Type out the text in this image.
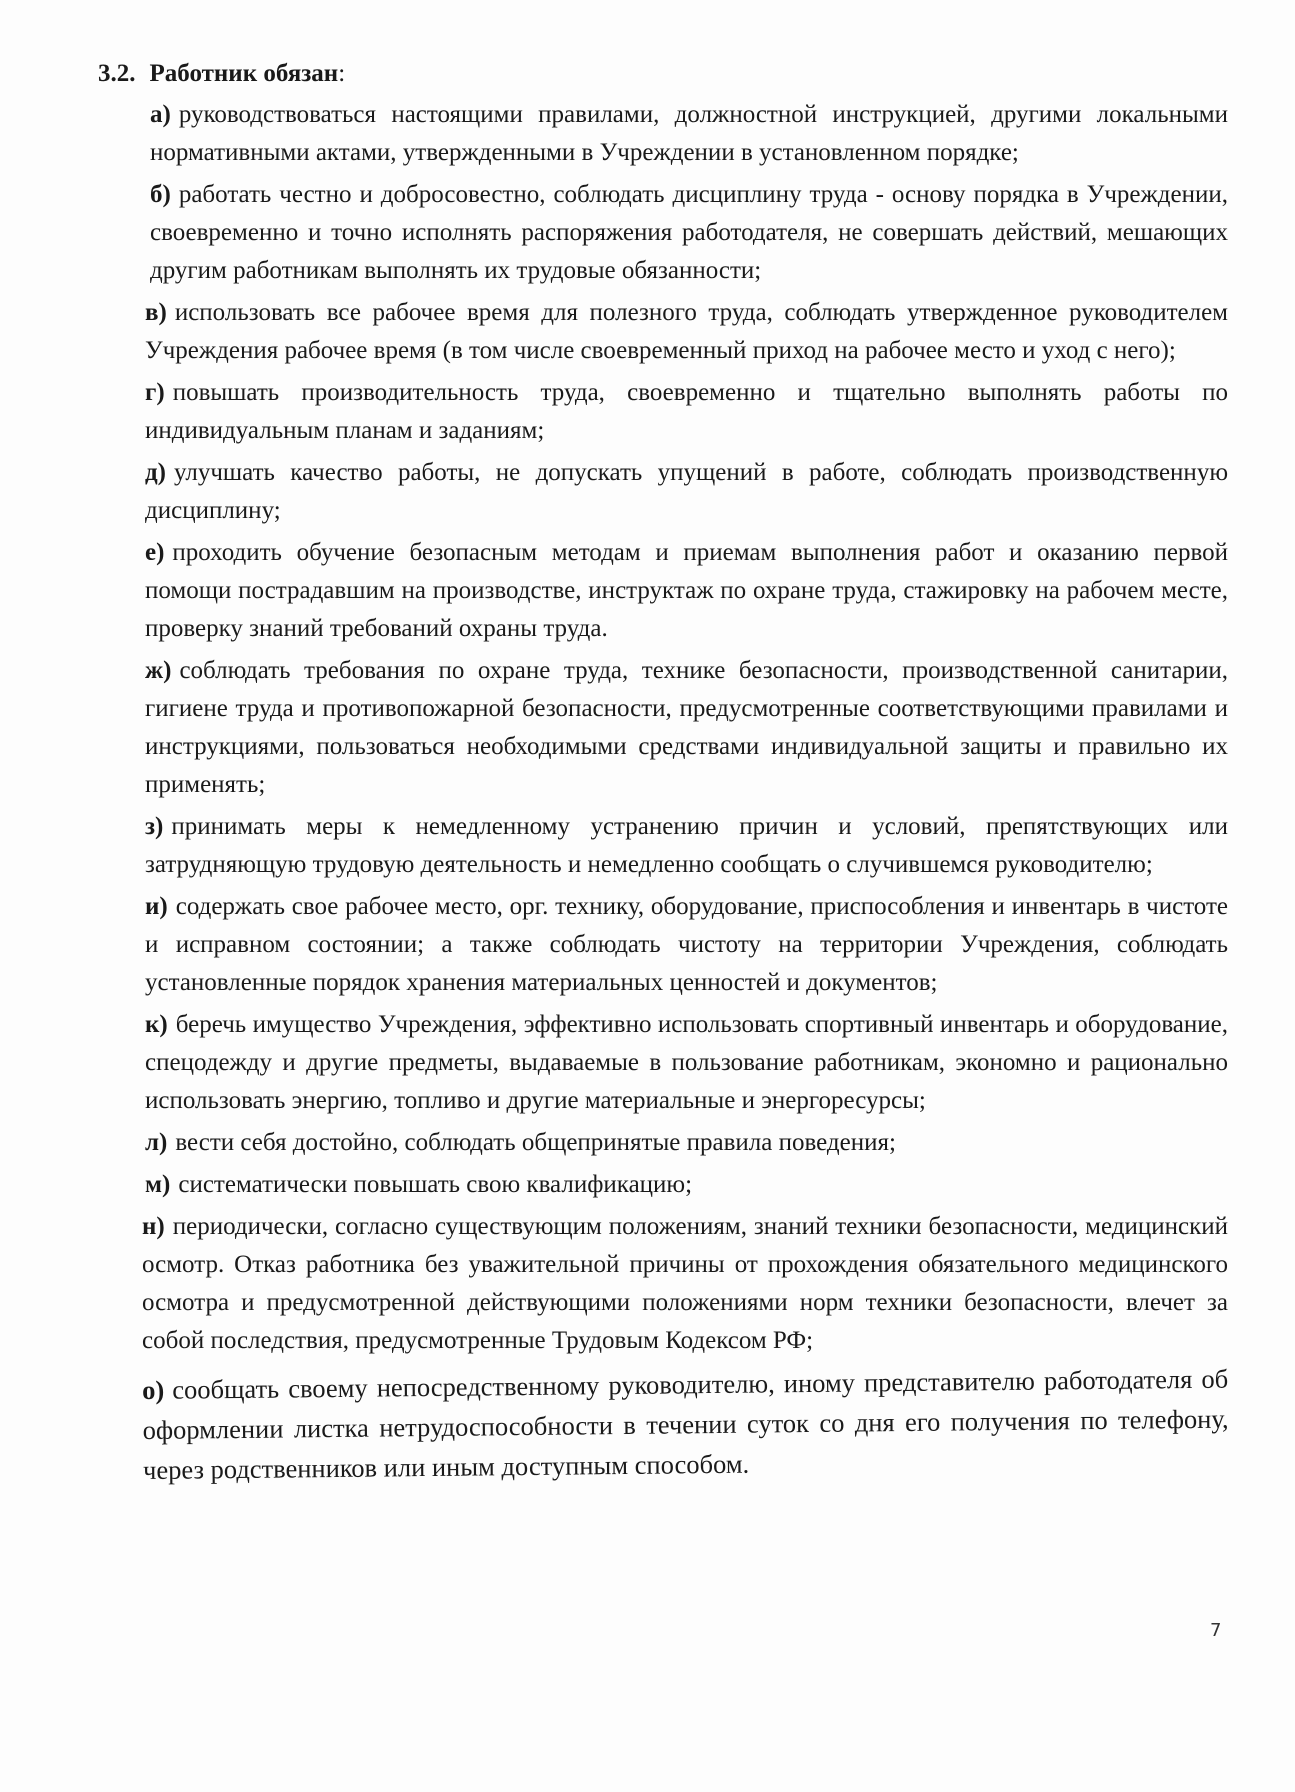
3.2. Работник обязан:

а) руководствоваться настоящими правилами, должностной инструкцией, другими локальными нормативными актами, утвержденными в Учреждении в установленном порядке;

б) работать честно и добросовестно, соблюдать дисциплину труда - основу порядка в Учреждении, своевременно и точно исполнять распоряжения работодателя, не совершать действий, мешающих другим работникам выполнять их трудовые обязанности;

в) использовать все рабочее время для полезного труда, соблюдать утвержденное руководителем Учреждения рабочее время (в том числе своевременный приход на рабочее место и уход с него);

г) повышать производительность труда, своевременно и тщательно выполнять работы по индивидуальным планам и заданиям;

д) улучшать качество работы, не допускать упущений в работе, соблюдать производственную дисциплину;

е) проходить обучение безопасным методам и приемам выполнения работ и оказанию первой помощи пострадавшим на производстве, инструктаж по охране труда, стажировку на рабочем месте, проверку знаний требований охраны труда.

ж) соблюдать требования по охране труда, технике безопасности, производственной санитарии, гигиене труда и противопожарной безопасности, предусмотренные соответствующими правилами и инструкциями, пользоваться необходимыми средствами индивидуальной защиты и правильно их применять;

з) принимать меры к немедленному устранению причин и условий, препятствующих или затрудняющую трудовую деятельность и немедленно сообщать о случившемся руководителю;

и) содержать свое рабочее место, орг. технику, оборудование, приспособления и инвентарь в чистоте и исправном состоянии; а также соблюдать чистоту на территории Учреждения, соблюдать установленные порядок хранения материальных ценностей и документов;

к) беречь имущество Учреждения, эффективно использовать спортивный инвентарь и оборудование, спецодежду и другие предметы, выдаваемые в пользование работникам, экономно и рационально использовать энергию, топливо и другие материальные и энергоресурсы;

л) вести себя достойно, соблюдать общепринятые правила поведения;

м) систематически повышать свою квалификацию;

н) периодически, согласно существующим положениям, знаний техники безопасности, медицинский осмотр. Отказ работника без уважительной причины от прохождения обязательного медицинского осмотра и предусмотренной действующими положениями норм техники безопасности, влечет за собой последствия, предусмотренные Трудовым Кодексом РФ;

о) сообщать своему непосредственному руководителю, иному представителю работодателя об оформлении листка нетрудоспособности в течении суток со дня его получения по телефону, через родственников или иным доступным способом.

7
